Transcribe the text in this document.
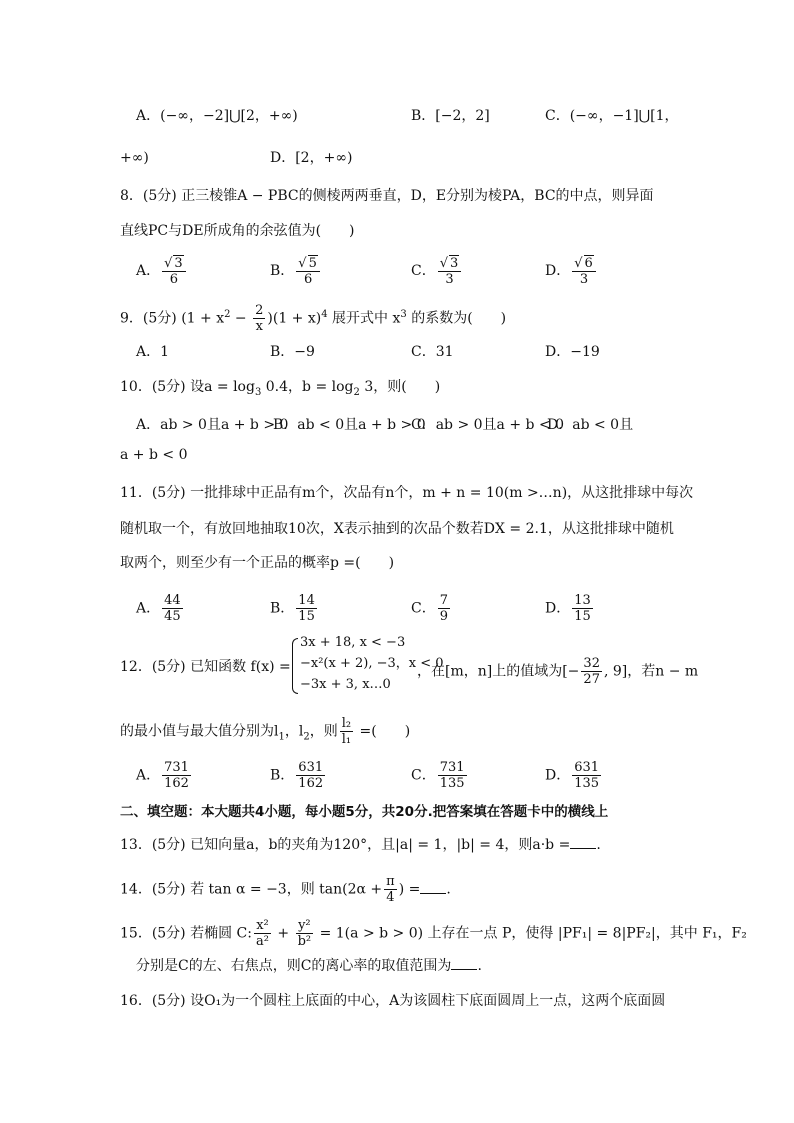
A．(−∞，−2]⋃[2，+∞)	B．[−2，2]	C．(−∞，−1]⋃[1，
+∞)	D．[2，+∞)
8．(5分) 正三棱锥A − PBC的侧棱两两垂直，D，E分别为棱PA，BC的中点，则异面
直线PC与DE所成角的余弦值为(　　)
A． $\frac{√ 3}{6}$	B． $\frac{√ 5}{6}$	C． $\frac{√ 3}{3}$	D． $\frac{√ 6}{3}$
9．(5分) $(1 + x^2 - \frac{2}{x} )(1 + x)^4$ 展开式中 $x^3$ 的系数为(　　)
A．1	B．−9	C．31	D．−19
10．(5分) 设$a = \log_3 0.4$，$b = \log_2 3$，则(　　)
A．ab > 0且a + b > 0
B．ab < 0且a + b > 0
C．ab > 0且a + b < 0
D．ab < 0且
a + b < 0
11．(5分) 一批排球中正品有m个，次品有n个，m + n = 10(m >…n)，从这批排球中每次
随机取一个，有放回地抽取10次，X表示抽到的次品个数若DX = 2.1，从这批排球中随机
取两个，则至少有一个正品的概率p =(　　)
A． $\frac{44}{45}$	B． $\frac{14}{15}$	C． $\frac{7}{9}$	D． $\frac{13}{15}$
12．(5分) 已知函数 f(x) =
3x + 18, x < −3
−x²(x + 2), −3，x < 0
−3x + 3, x…0
，在[m，n]上的值域为[− $\frac{32}{27}$ , 9]，若n − m
的最小值与最大值分别为$l_1$，$l_2$，则 $\frac{\text{l₂}}{\text{l₁}}$ =(　　)
A． $\frac{731}{162}$	B． $\frac{631}{162}$	C． $\frac{731}{135}$	D． $\frac{631}{135}$
二、填空题：本大题共4小题，每小题5分，共20分.把答案填在答题卡中的横线上
13．(5分) 已知向量a，b的夹角为120°，且|a| = 1，|b| = 4，则a·b = .
14．(5分) 若 tan α = −3，则 $\tan(2\alpha + \frac{\pi}{4}$ ) = .
15．(5分) 若椭圆 C: $\frac{\text{x²}}{\text{a²}} + \frac{\text{y²}}{\text{b²}} = 1(a > b > 0)$ 上存在一点 P，使得 |PF₁| = 8|PF₂|，其中 F₁，F₂
分别是C的左、右焦点，则C的离心率的取值范围为 .
16．(5分) 设O₁为一个圆柱上底面的中心，A为该圆柱下底面圆周上一点，这两个底面圆
